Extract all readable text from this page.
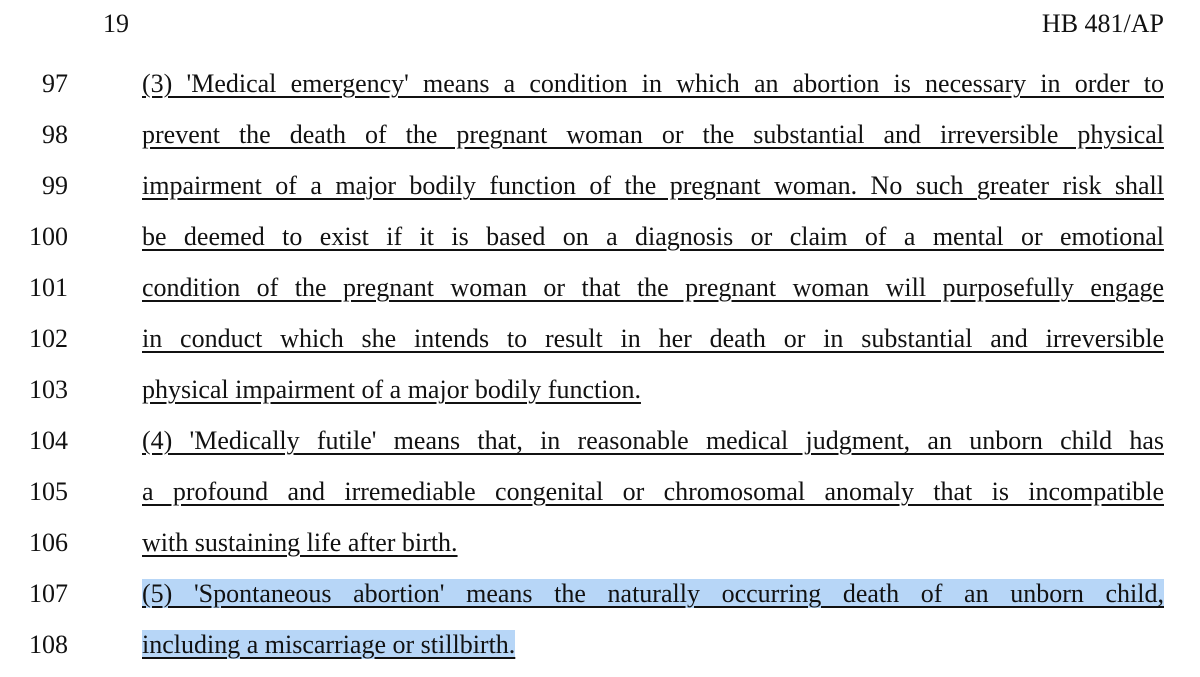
19	HB 481/AP
97	(3) 'Medical emergency' means a condition in which an abortion is necessary in order to
98	prevent the death of the pregnant woman or the substantial and irreversible physical
99	impairment of a major bodily function of the pregnant woman. No such greater risk shall
100	be deemed to exist if it is based on a diagnosis or claim of a mental or emotional
101	condition of the pregnant woman or that the pregnant woman will purposefully engage
102	in conduct which she intends to result in her death or in substantial and irreversible
103	physical impairment of a major bodily function.
104	(4) 'Medically futile' means that, in reasonable medical judgment, an unborn child has
105	a profound and irremediable congenital or chromosomal anomaly that is incompatible
106	with sustaining life after birth.
107	(5) 'Spontaneous abortion' means the naturally occurring death of an unborn child,
108	including a miscarriage or stillbirth.
